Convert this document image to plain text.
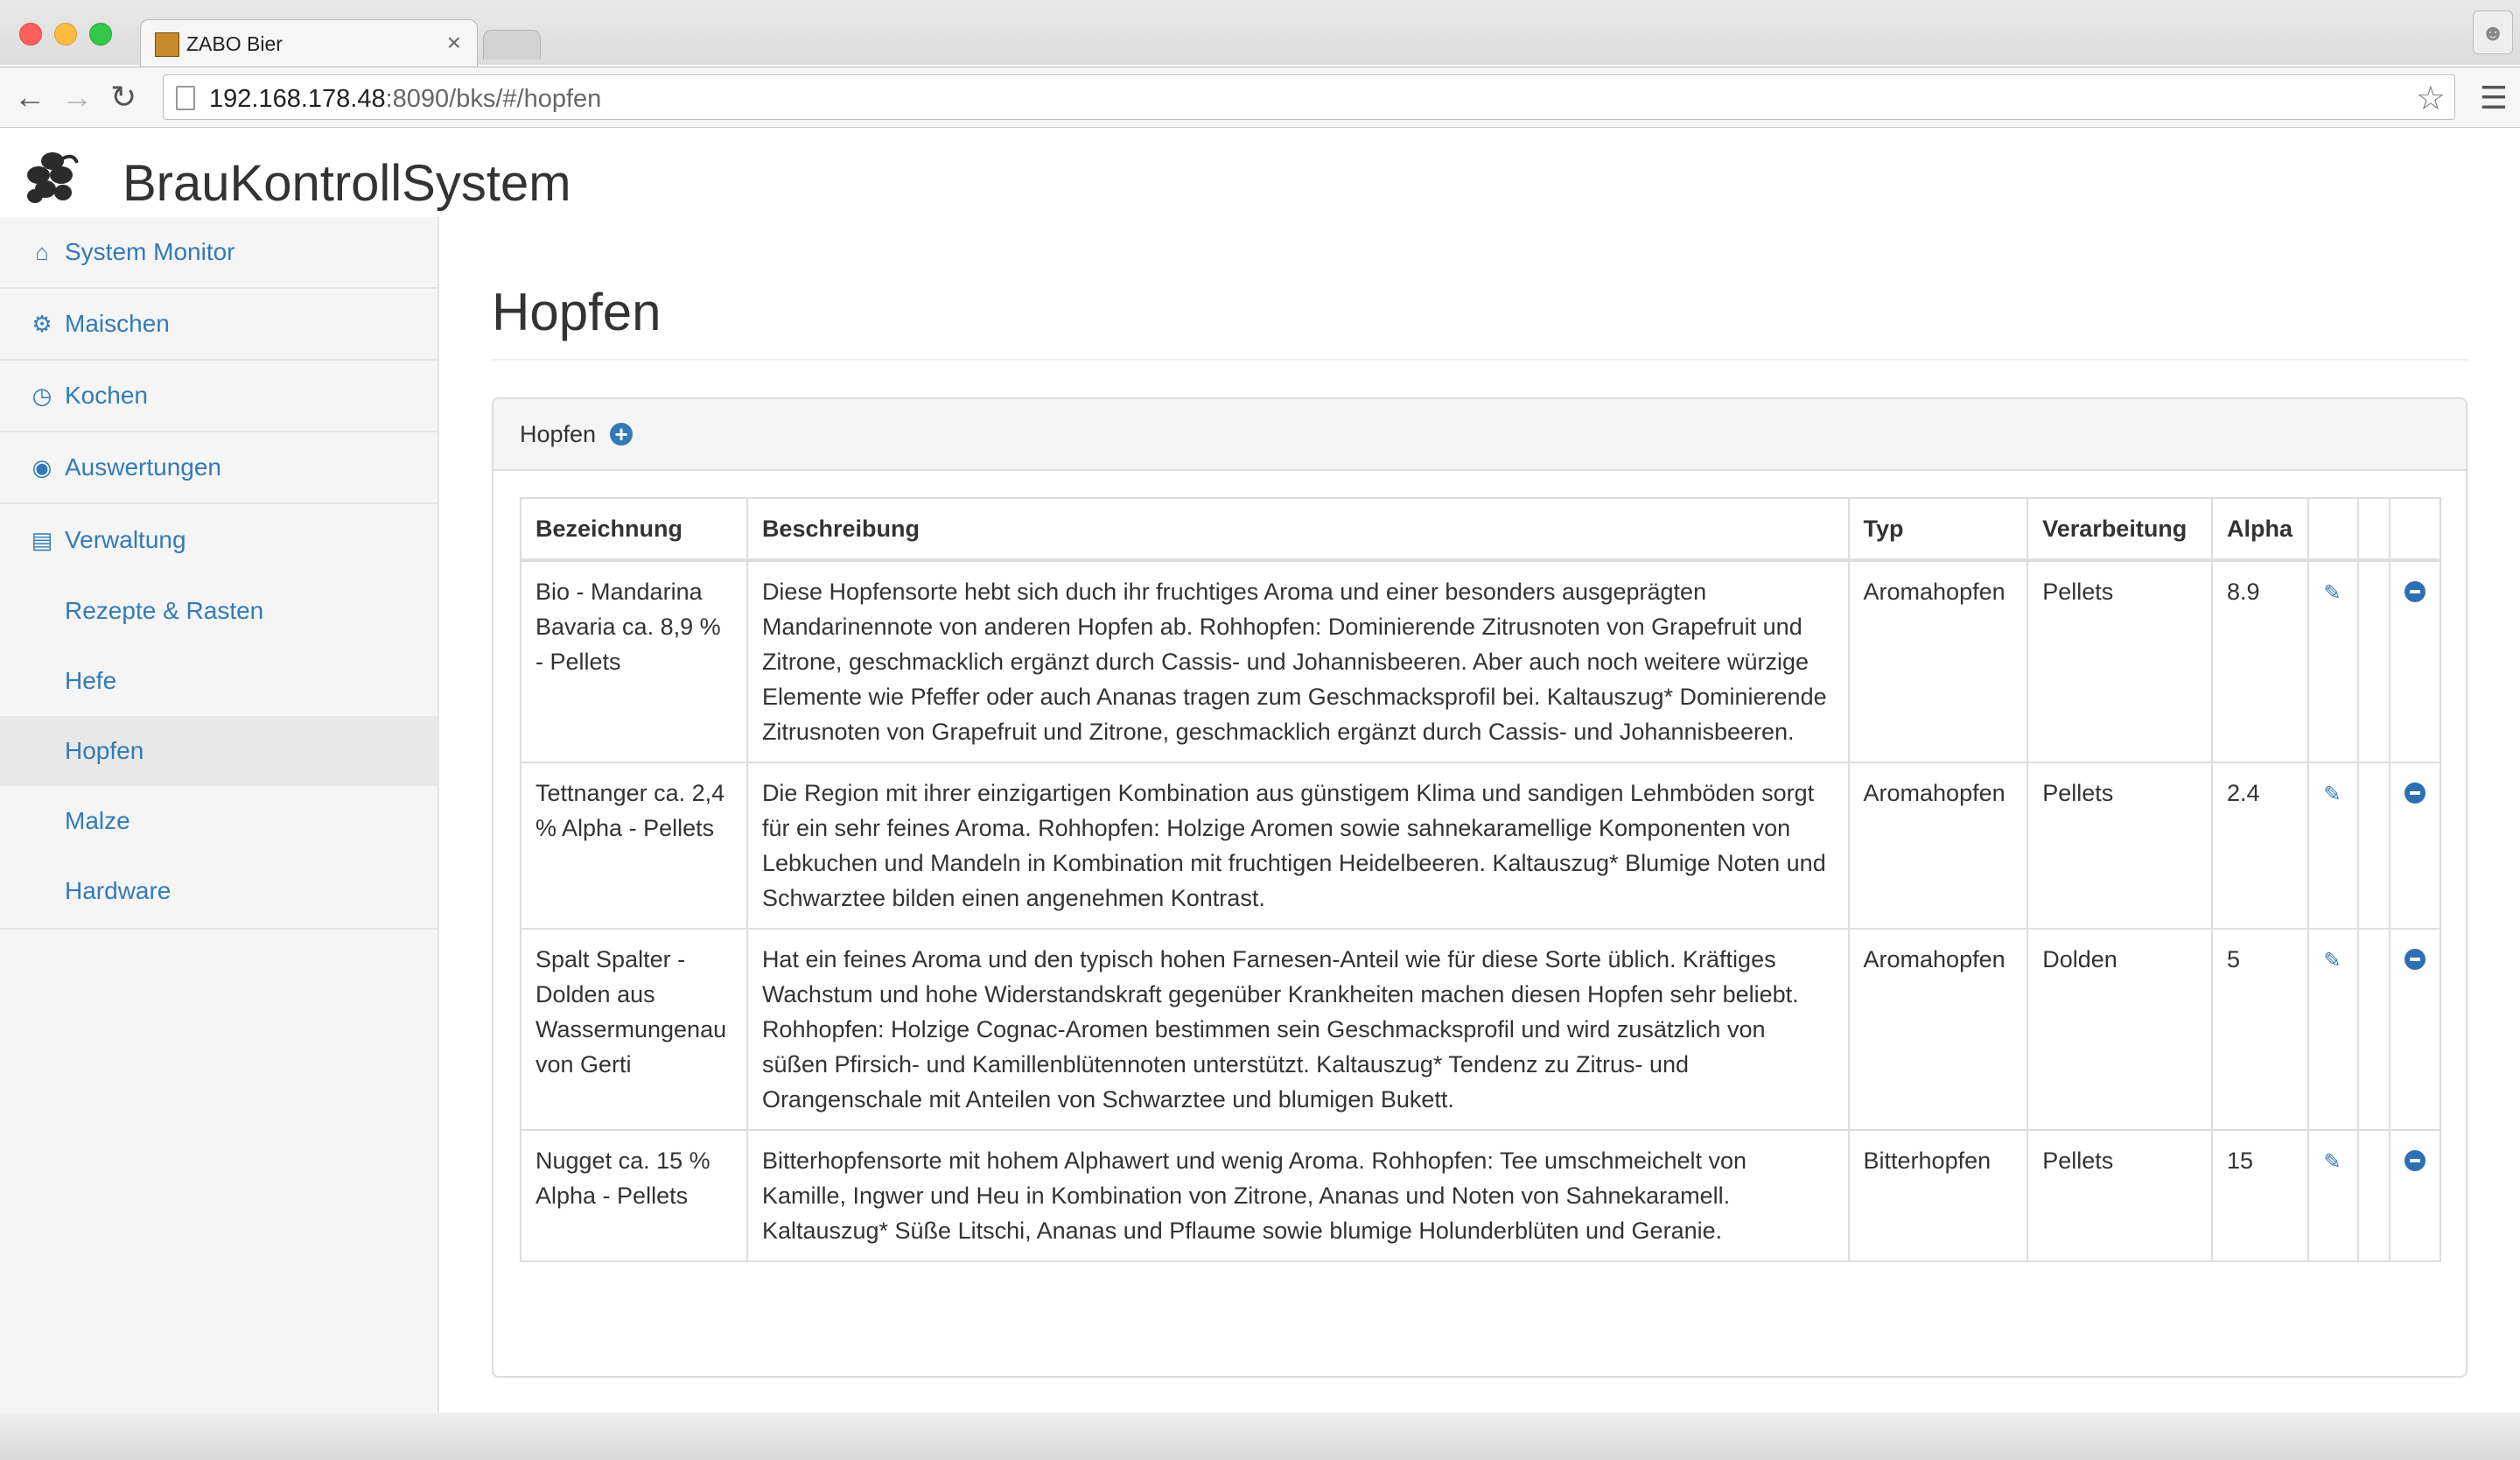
ZABO Bier	×	☻
← → ↻	192.168.178.48:8090/bks/#/hopfen	☆ ☰
BrauKontrollSystem
⌂ System Monitor
⚙ Maischen
◷ Kochen
◉ Auswertungen
▤ Verwaltung
Rezepte & Rasten
Hefe
Hopfen
Malze
Hardware
Hopfen
Hopfen +
Bezeichnung	Beschreibung	Typ	Verarbeitung	Alpha			
Bio - Mandarina Bavaria ca. 8,9 % - Pellets	Diese Hopfensorte hebt sich duch ihr fruchtiges Aroma und einer besonders ausgeprägten Mandarinennote von anderen Hopfen ab. Rohhopfen: Dominierende Zitrusnoten von Grapefruit und Zitrone, geschmacklich ergänzt durch Cassis- und Johannisbeeren. Aber auch noch weitere würzige Elemente wie Pfeffer oder auch Ananas tragen zum Geschmacksprofil bei. Kaltauszug* Dominierende Zitrusnoten von Grapefruit und Zitrone, geschmacklich ergänzt durch Cassis- und Johannisbeeren.	Aromahopfen	Pellets	8.9	✎		
Tettnanger ca. 2,4 % Alpha - Pellets	Die Region mit ihrer einzigartigen Kombination aus günstigem Klima und sandigen Lehmböden sorgt für ein sehr feines Aroma. Rohhopfen: Holzige Aromen sowie sahnekaramellige Komponenten von Lebkuchen und Mandeln in Kombination mit fruchtigen Heidelbeeren. Kaltauszug* Blumige Noten und Schwarztee bilden einen angenehmen Kontrast.	Aromahopfen	Pellets	2.4	✎		
Spalt Spalter - Dolden aus Wassermungenau von Gerti	Hat ein feines Aroma und den typisch hohen Farnesen-Anteil wie für diese Sorte üblich. Kräftiges Wachstum und hohe Widerstandskraft gegenüber Krankheiten machen diesen Hopfen sehr beliebt. Rohhopfen: Holzige Cognac-Aromen bestimmen sein Geschmacksprofil und wird zusätzlich von süßen Pfirsich- und Kamillenblütennoten unterstützt. Kaltauszug* Tendenz zu Zitrus- und Orangenschale mit Anteilen von Schwarztee und blumigen Bukett.	Aromahopfen	Dolden	5	✎		
Nugget ca. 15 % Alpha - Pellets	Bitterhopfensorte mit hohem Alphawert und wenig Aroma. Rohhopfen: Tee umschmeichelt von Kamille, Ingwer und Heu in Kombination von Zitrone, Ananas und Noten von Sahnekaramell. Kaltauszug* Süße Litschi, Ananas und Pflaume sowie blumige Holunderblüten und Geranie.	Bitterhopfen	Pellets	15	✎		
